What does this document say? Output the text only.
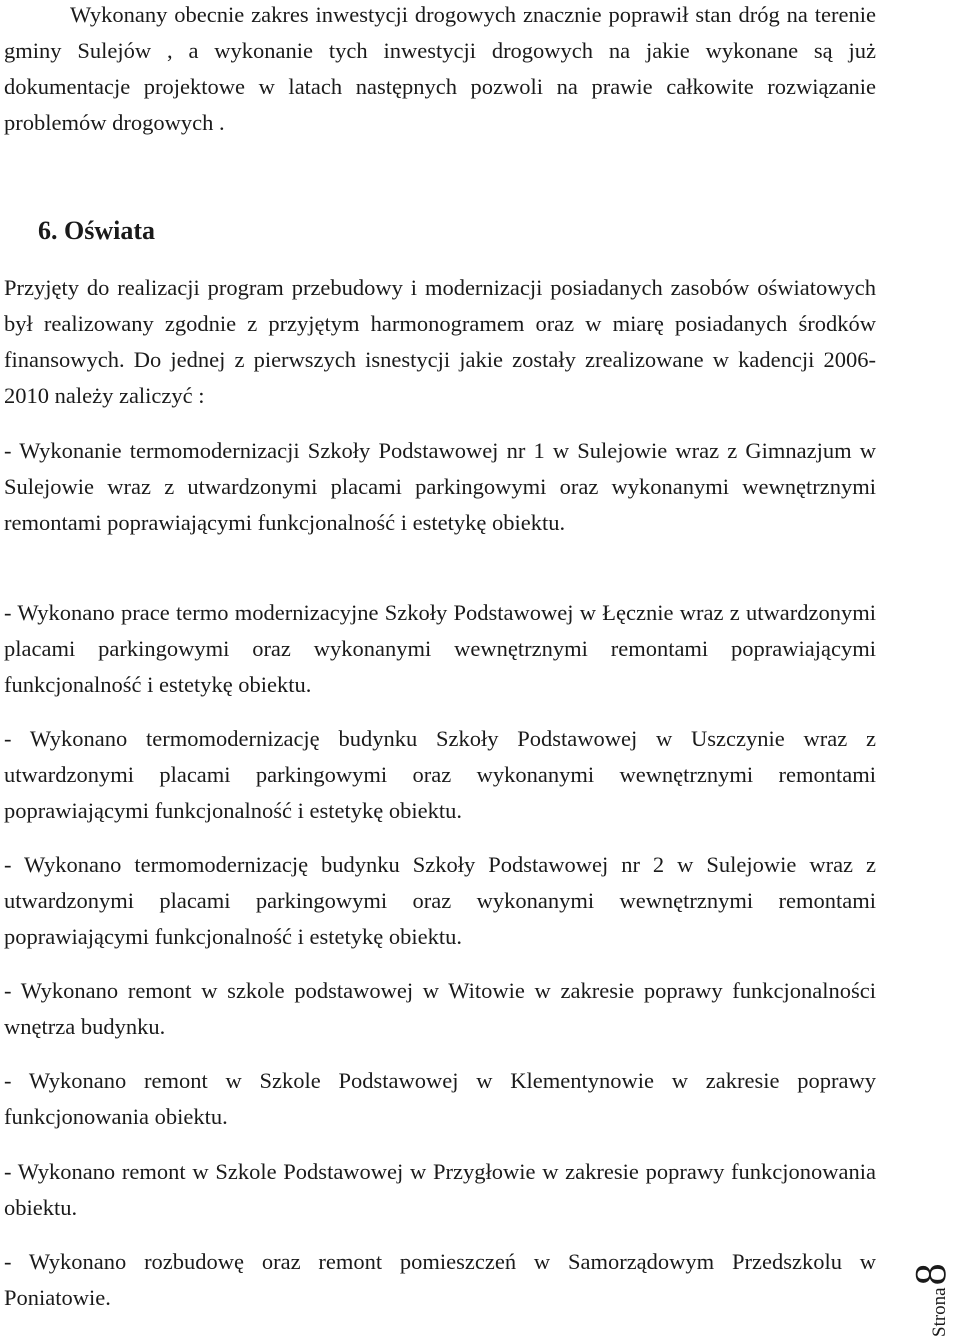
Wykonany obecnie zakres inwestycji drogowych znacznie poprawił stan dróg na terenie gminy Sulejów , a wykonanie tych inwestycji drogowych na jakie wykonane są już dokumentacje projektowe w latach następnych pozwoli na prawie całkowite rozwiązanie problemów drogowych .

6. Oświata

Przyjęty do realizacji program przebudowy i modernizacji posiadanych zasobów oświatowych był realizowany zgodnie z przyjętym harmonogramem oraz w miarę posiadanych środków finansowych. Do jednej z pierwszych isnestycji jakie zostały zrealizowane w kadencji 2006-2010 należy zaliczyć :

- Wykonanie termomodernizacji Szkoły Podstawowej nr 1 w Sulejowie wraz z Gimnazjum w Sulejowie wraz z utwardzonymi placami parkingowymi oraz wykonanymi wewnętrznymi remontami poprawiającymi funkcjonalność i estetykę obiektu.

- Wykonano prace termo modernizacyjne Szkoły Podstawowej w Łęcznie wraz z utwardzonymi placami parkingowymi oraz wykonanymi wewnętrznymi remontami poprawiającymi funkcjonalność i estetykę obiektu.

- Wykonano termomodernizację budynku Szkoły Podstawowej w Uszczynie wraz z utwardzonymi placami parkingowymi oraz wykonanymi wewnętrznymi remontami poprawiającymi funkcjonalność i estetykę obiektu.

- Wykonano termomodernizację budynku Szkoły Podstawowej nr 2 w Sulejowie wraz z utwardzonymi placami parkingowymi oraz wykonanymi wewnętrznymi remontami poprawiającymi funkcjonalność i estetykę obiektu.

- Wykonano remont w szkole podstawowej w Witowie w zakresie poprawy funkcjonalności wnętrza budynku.

- Wykonano remont w Szkole Podstawowej w Klementynowie w zakresie poprawy funkcjonowania obiektu.

- Wykonano remont w Szkole Podstawowej w Przygłowie w zakresie poprawy funkcjonowania obiektu.

- Wykonano rozbudowę oraz remont pomieszczeń w Samorządowym Przedszkolu w Poniatowie.	Strona8
